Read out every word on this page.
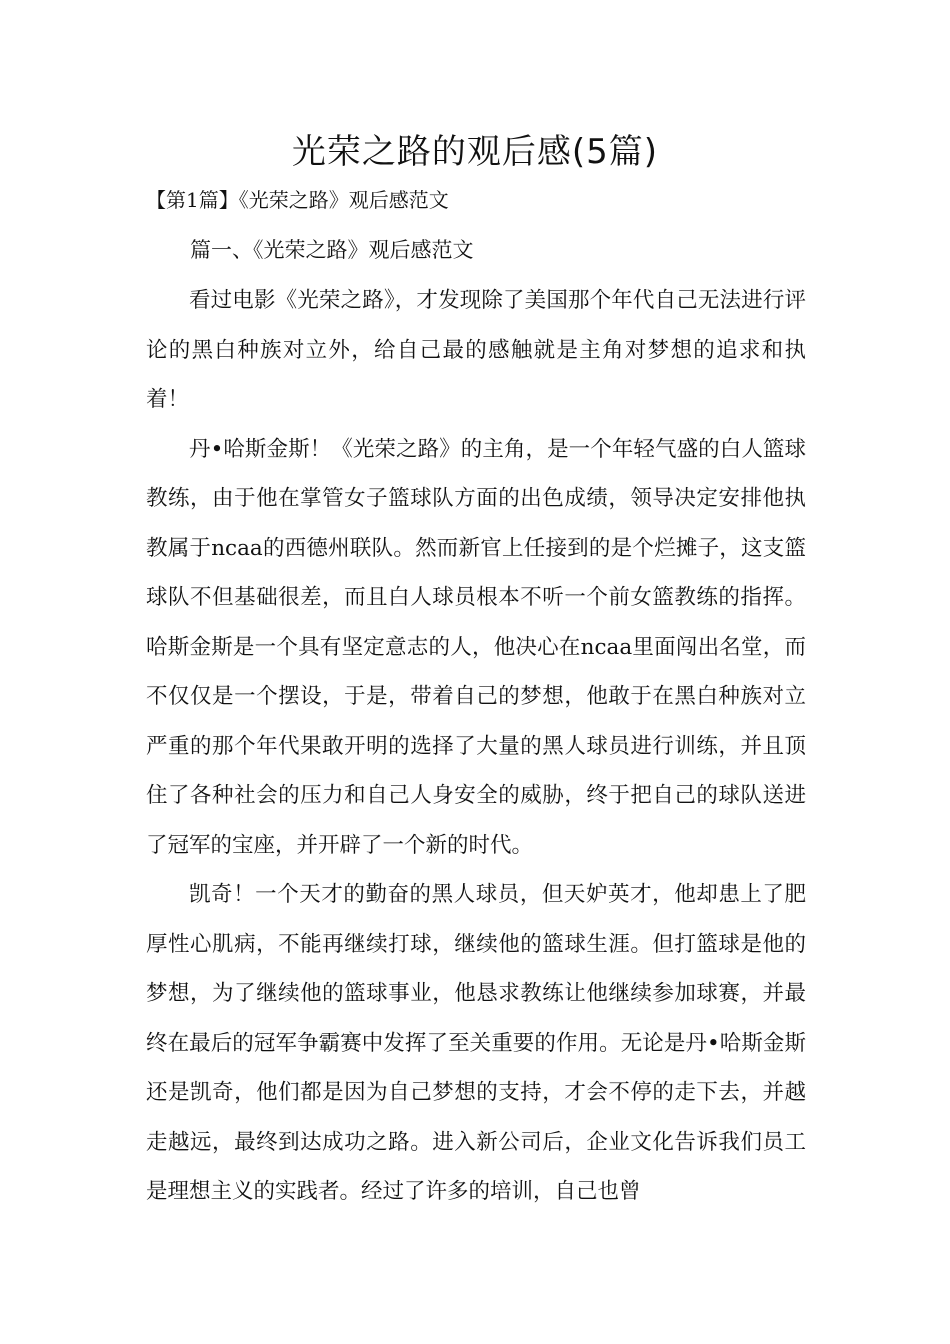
光荣之路的观后感(5篇)
【第1篇】《光荣之路》观后感范文
篇一、《光荣之路》观后感范文

看过电影《光荣之路》，才发现除了美国那个年代自己无法进行评论的黑白种族对立外，给自己最的感触就是主角对梦想的追求和执着！

丹•哈斯金斯！《光荣之路》的主角，是一个年轻气盛的白人篮球教练，由于他在掌管女子篮球队方面的出色成绩，领导决定安排他执教属于ncaa的西德州联队。然而新官上任接到的是个烂摊子，这支篮球队不但基础很差，而且白人球员根本不听一个前女篮教练的指挥。哈斯金斯是一个具有坚定意志的人，他决心在ncaa里面闯出名堂，而不仅仅是一个摆设，于是，带着自己的梦想，他敢于在黑白种族对立严重的那个年代果敢开明的选择了大量的黑人球员进行训练，并且顶住了各种社会的压力和自己人身安全的威胁，终于把自己的球队送进了冠军的宝座，并开辟了一个新的时代。

凯奇！一个天才的勤奋的黑人球员，但天妒英才，他却患上了肥厚性心肌病，不能再继续打球，继续他的篮球生涯。但打篮球是他的梦想，为了继续他的篮球事业，他恳求教练让他继续参加球赛，并最终在最后的冠军争霸赛中发挥了至关重要的作用。无论是丹•哈斯金斯还是凯奇，他们都是因为自己梦想的支持，才会不停的走下去，并越走越远，最终到达成功之路。进入新公司后，企业文化告诉我们员工是理想主义的实践者。经过了许多的培训，自己也曾
